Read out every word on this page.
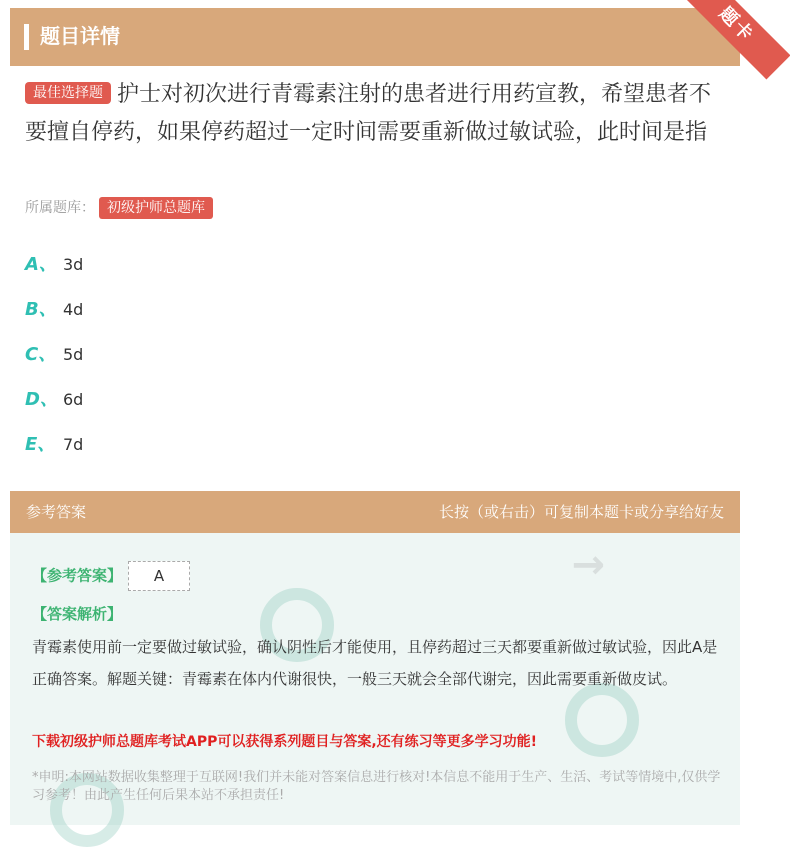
题目详情	题卡
最佳选择题 护士对初次进行青霉素注射的患者进行用药宣教，希望患者不要擅自停药，如果停药超过一定时间需要重新做过敏试验，此时间是指
所属题库： 初级护师总题库
A、 3d
B、 4d
C、 5d
D、 6d
E、 7d
参考答案	长按（或右击）可复制本题卡或分享给好友
↗
【参考答案】 A
【答案解析】
青霉素使用前一定要做过敏试验，确认阴性后才能使用，且停药超过三天都要重新做过敏试验，因此A是正确答案。解题关键：青霉素在体内代谢很快，一般三天就会全部代谢完，因此需要重新做皮试。
下载初级护师总题库考试APP可以获得系列题目与答案,还有练习等更多学习功能!
*申明:本网站数据收集整理于互联网!我们并未能对答案信息进行核对!本信息不能用于生产、生活、考试等情境中,仅供学习参考！由此产生任何后果本站不承担责任!
